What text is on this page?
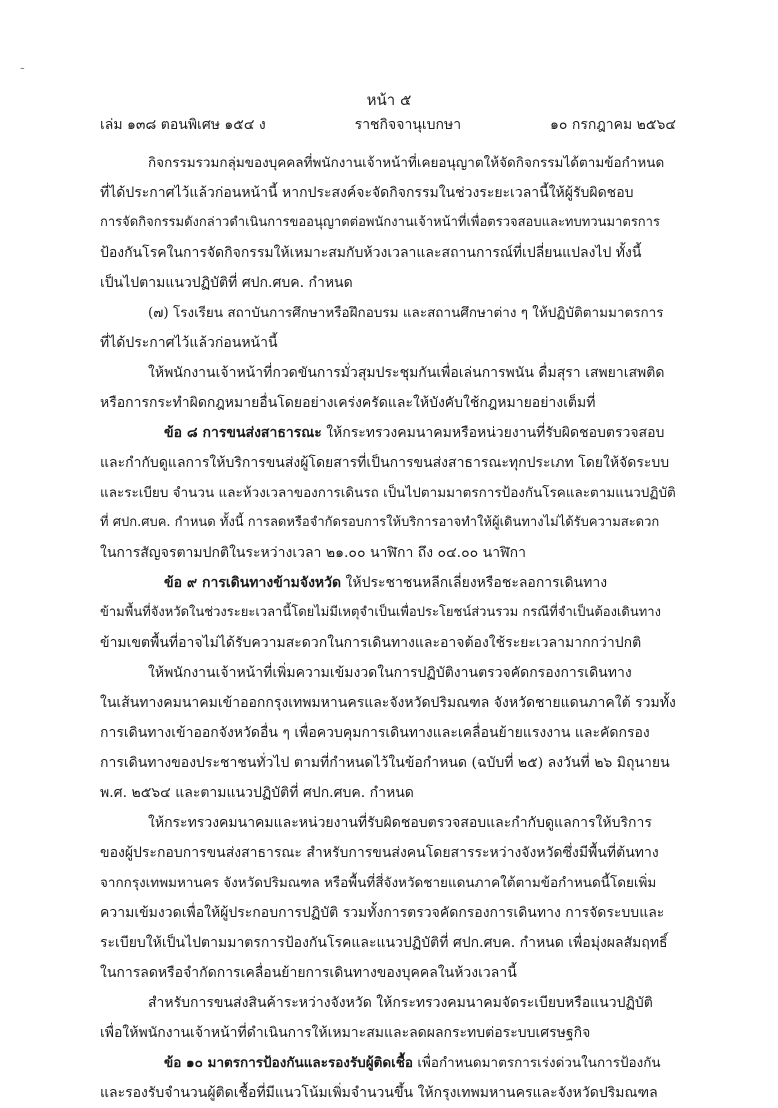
-
หน้า ๕
เล่ม ๑๓๘ ตอนพิเศษ ๑๕๔ ง	ราชกิจจานุเบกษา	๑๐ กรกฎาคม ๒๕๖๔
กิจกรรมรวมกลุ่มของบุคคลที่พนักงานเจ้าหน้าที่เคยอนุญาตให้จัดกิจกรรมได้ตามข้อกำหนด
ที่ได้ประกาศไว้แล้วก่อนหน้านี้ หากประสงค์จะจัดกิจกรรมในช่วงระยะเวลานี้ให้ผู้รับผิดชอบ
การจัดกิจกรรมดังกล่าวดำเนินการขออนุญาตต่อพนักงานเจ้าหน้าที่เพื่อตรวจสอบและทบทวนมาตรการ
ป้องกันโรคในการจัดกิจกรรมให้เหมาะสมกับห้วงเวลาและสถานการณ์ที่เปลี่ยนแปลงไป ทั้งนี้
เป็นไปตามแนวปฏิบัติที่ ศปก.ศบค. กำหนด
(๗) โรงเรียน สถาบันการศึกษาหรือฝึกอบรม และสถานศึกษาต่าง ๆ ให้ปฏิบัติตามมาตรการ
ที่ได้ประกาศไว้แล้วก่อนหน้านี้
ให้พนักงานเจ้าหน้าที่กวดขันการมั่วสุมประชุมกันเพื่อเล่นการพนัน ดื่มสุรา เสพยาเสพติด
หรือการกระทำผิดกฎหมายอื่นโดยอย่างเคร่งครัดและให้บังคับใช้กฎหมายอย่างเต็มที่
ข้อ ๘ การขนส่งสาธารณะ ให้กระทรวงคมนาคมหรือหน่วยงานที่รับผิดชอบตรวจสอบ
และกำกับดูแลการให้บริการขนส่งผู้โดยสารที่เป็นการขนส่งสาธารณะทุกประเภท โดยให้จัดระบบ
และระเบียบ จำนวน และห้วงเวลาของการเดินรถ เป็นไปตามมาตรการป้องกันโรคและตามแนวปฏิบัติ
ที่ ศปก.ศบค. กำหนด ทั้งนี้ การลดหรือจำกัดรอบการให้บริการอาจทำให้ผู้เดินทางไม่ได้รับความสะดวก
ในการสัญจรตามปกติในระหว่างเวลา ๒๑.๐๐ นาฬิกา ถึง ๐๔.๐๐ นาฬิกา
ข้อ ๙ การเดินทางข้ามจังหวัด ให้ประชาชนหลีกเลี่ยงหรือชะลอการเดินทาง
ข้ามพื้นที่จังหวัดในช่วงระยะเวลานี้โดยไม่มีเหตุจำเป็นเพื่อประโยชน์ส่วนรวม กรณีที่จำเป็นต้องเดินทาง
ข้ามเขตพื้นที่อาจไม่ได้รับความสะดวกในการเดินทางและอาจต้องใช้ระยะเวลามากกว่าปกติ
ให้พนักงานเจ้าหน้าที่เพิ่มความเข้มงวดในการปฏิบัติงานตรวจคัดกรองการเดินทาง
ในเส้นทางคมนาคมเข้าออกกรุงเทพมหานครและจังหวัดปริมณฑล จังหวัดชายแดนภาคใต้ รวมทั้ง
การเดินทางเข้าออกจังหวัดอื่น ๆ เพื่อควบคุมการเดินทางและเคลื่อนย้ายแรงงาน และคัดกรอง
การเดินทางของประชาชนทั่วไป ตามที่กำหนดไว้ในข้อกำหนด (ฉบับที่ ๒๕) ลงวันที่ ๒๖ มิถุนายน
พ.ศ. ๒๕๖๔ และตามแนวปฏิบัติที่ ศปก.ศบค. กำหนด
ให้กระทรวงคมนาคมและหน่วยงานที่รับผิดชอบตรวจสอบและกำกับดูแลการให้บริการ
ของผู้ประกอบการขนส่งสาธารณะ สำหรับการขนส่งคนโดยสารระหว่างจังหวัดซึ่งมีพื้นที่ต้นทาง
จากกรุงเทพมหานคร จังหวัดปริมณฑล หรือพื้นที่สี่จังหวัดชายแดนภาคใต้ตามข้อกำหนดนี้โดยเพิ่ม
ความเข้มงวดเพื่อให้ผู้ประกอบการปฏิบัติ รวมทั้งการตรวจคัดกรองการเดินทาง การจัดระบบและ
ระเบียบให้เป็นไปตามมาตรการป้องกันโรคและแนวปฏิบัติที่ ศปก.ศบค. กำหนด เพื่อมุ่งผลสัมฤทธิ์
ในการลดหรือจำกัดการเคลื่อนย้ายการเดินทางของบุคคลในห้วงเวลานี้
สำหรับการขนส่งสินค้าระหว่างจังหวัด ให้กระทรวงคมนาคมจัดระเบียบหรือแนวปฏิบัติ
เพื่อให้พนักงานเจ้าหน้าที่ดำเนินการให้เหมาะสมและลดผลกระทบต่อระบบเศรษฐกิจ
ข้อ ๑๐ มาตรการป้องกันและรองรับผู้ติดเชื้อ เพื่อกำหนดมาตรการเร่งด่วนในการป้องกัน
และรองรับจำนวนผู้ติดเชื้อที่มีแนวโน้มเพิ่มจำนวนขึ้น ให้กรุงเทพมหานครและจังหวัดปริมณฑล
